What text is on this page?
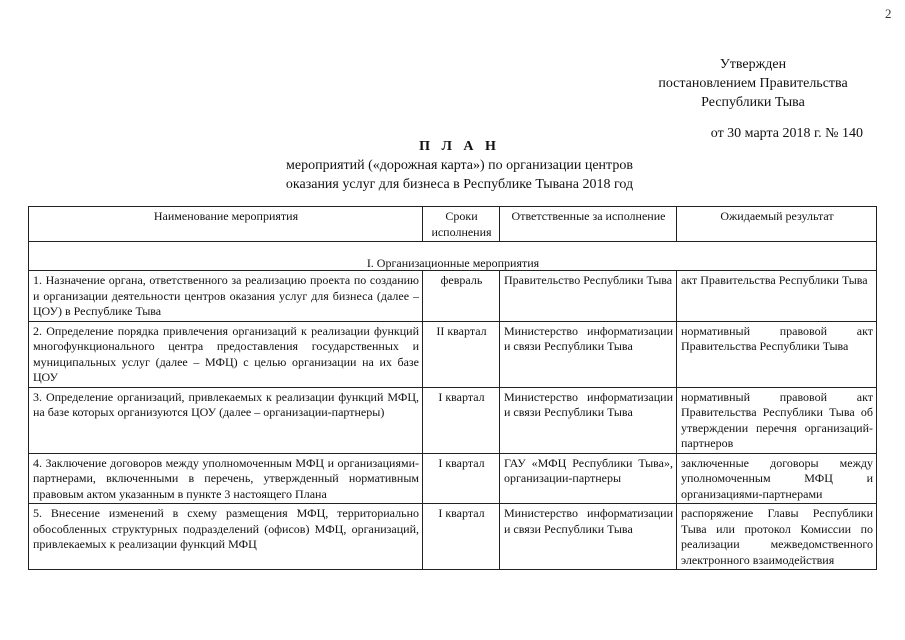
2
Утвержден
постановлением Правительства
Республики Тыва
от 30 марта 2018 г. № 140
П Л А Н
мероприятий («дорожная карта») по организации центров
оказания услуг для бизнеса в Республике Тывана 2018 год
Наименование мероприятия	Сроки исполнения	Ответственные за исполнение	Ожидаемый результат
I. Организационные мероприятия			
1. Назначение органа, ответственного за реализацию проекта по созданию и организации деятельности центров оказания услуг для бизнеса (далее – ЦОУ) в Республике Тыва	февраль	Правительство Республики Тыва	акт Правительства Республики Тыва
2. Определение порядка привлечения организаций к реализации функций многофункционального центра предоставления государственных и муниципальных услуг (далее – МФЦ) с целью организации на их базе ЦОУ	II квартал	Министерство информатизации и связи Республики Тыва	нормативный правовой акт Правительства Республики Тыва
3. Определение организаций, привлекаемых к реализации функций МФЦ, на базе которых организуются ЦОУ (далее – организации-партнеры)	I квартал	Министерство информатизации и связи Республики Тыва	нормативный правовой акт Правительства Республики Тыва об утверждении перечня организаций-партнеров
4. Заключение договоров между уполномоченным МФЦ и организациями-партнерами, включенными в перечень, утвержденный нормативным правовым актом указанным в пункте 3 настоящего Плана	I квартал	ГАУ «МФЦ Республики Тыва», организации-партнеры	заключенные договоры между уполномоченным МФЦ и организациями-партнерами
5. Внесение изменений в схему размещения МФЦ, территориально обособленных структурных подразделений (офисов) МФЦ, организаций, привлекаемых к реализации функций МФЦ	I квартал	Министерство информатизации и связи Республики Тыва	распоряжение Главы Республики Тыва или протокол Комиссии по реализации межведомственного электронного взаимодействия
